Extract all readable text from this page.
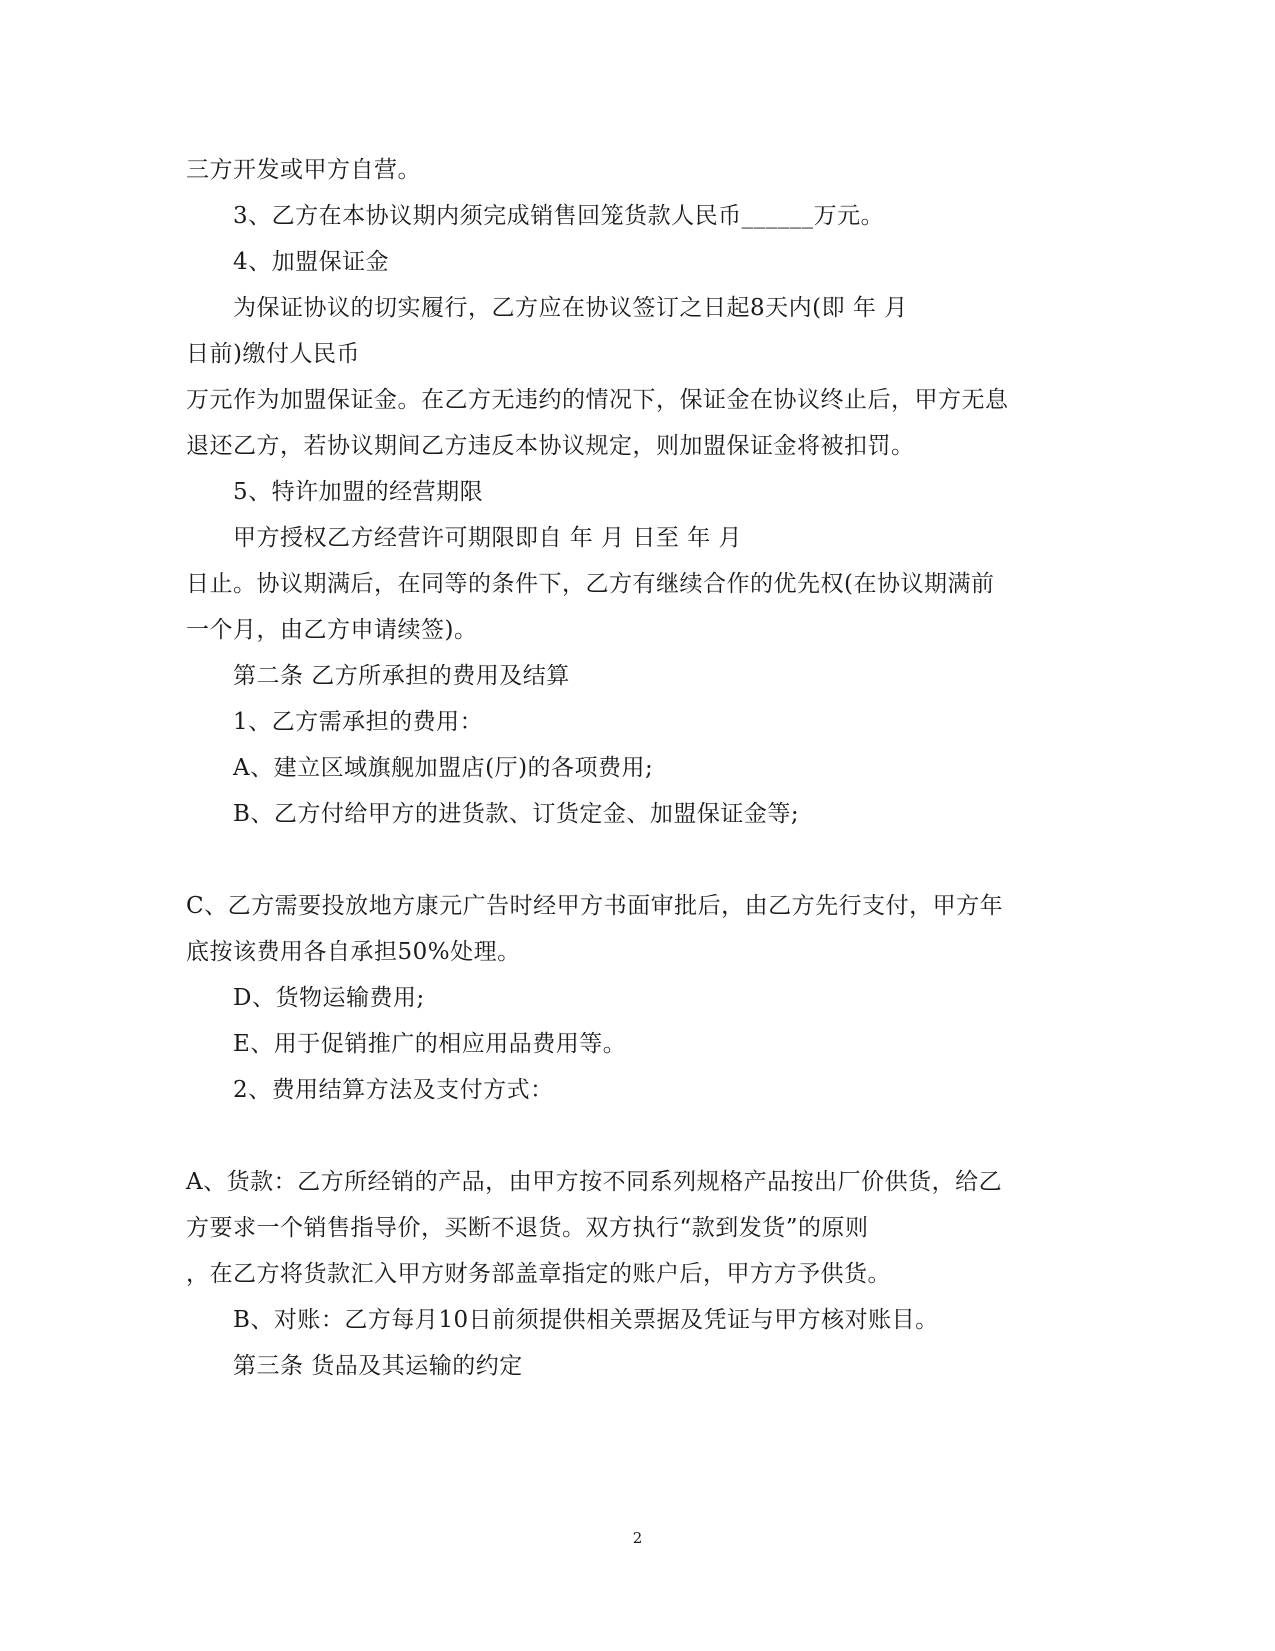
三方开发或甲方自营。
3、乙方在本协议期内须完成销售回笼货款人民币______万元。
4、加盟保证金
为保证协议的切实履行，乙方应在协议签订之日起8天内(即 年 月
日前)缴付人民币
万元作为加盟保证金。在乙方无违约的情况下，保证金在协议终止后，甲方无息
退还乙方，若协议期间乙方违反本协议规定，则加盟保证金将被扣罚。
5、特许加盟的经营期限
甲方授权乙方经营许可期限即自 年 月 日至 年 月
日止。协议期满后，在同等的条件下，乙方有继续合作的优先权(在协议期满前
一个月，由乙方申请续签)。
第二条 乙方所承担的费用及结算
1、乙方需承担的费用：
A、建立区域旗舰加盟店(厅)的各项费用;
B、乙方付给甲方的进货款、订货定金、加盟保证金等;
C、乙方需要投放地方康元广告时经甲方书面审批后，由乙方先行支付，甲方年
底按该费用各自承担50%处理。
D、货物运输费用;
E、用于促销推广的相应用品费用等。
2、费用结算方法及支付方式：
A、货款：乙方所经销的产品，由甲方按不同系列规格产品按出厂价供货，给乙
方要求一个销售指导价，买断不退货。双方执行“款到发货”的原则
，在乙方将货款汇入甲方财务部盖章指定的账户后，甲方方予供货。
B、对账：乙方每月10日前须提供相关票据及凭证与甲方核对账目。
第三条 货品及其运输的约定
2
